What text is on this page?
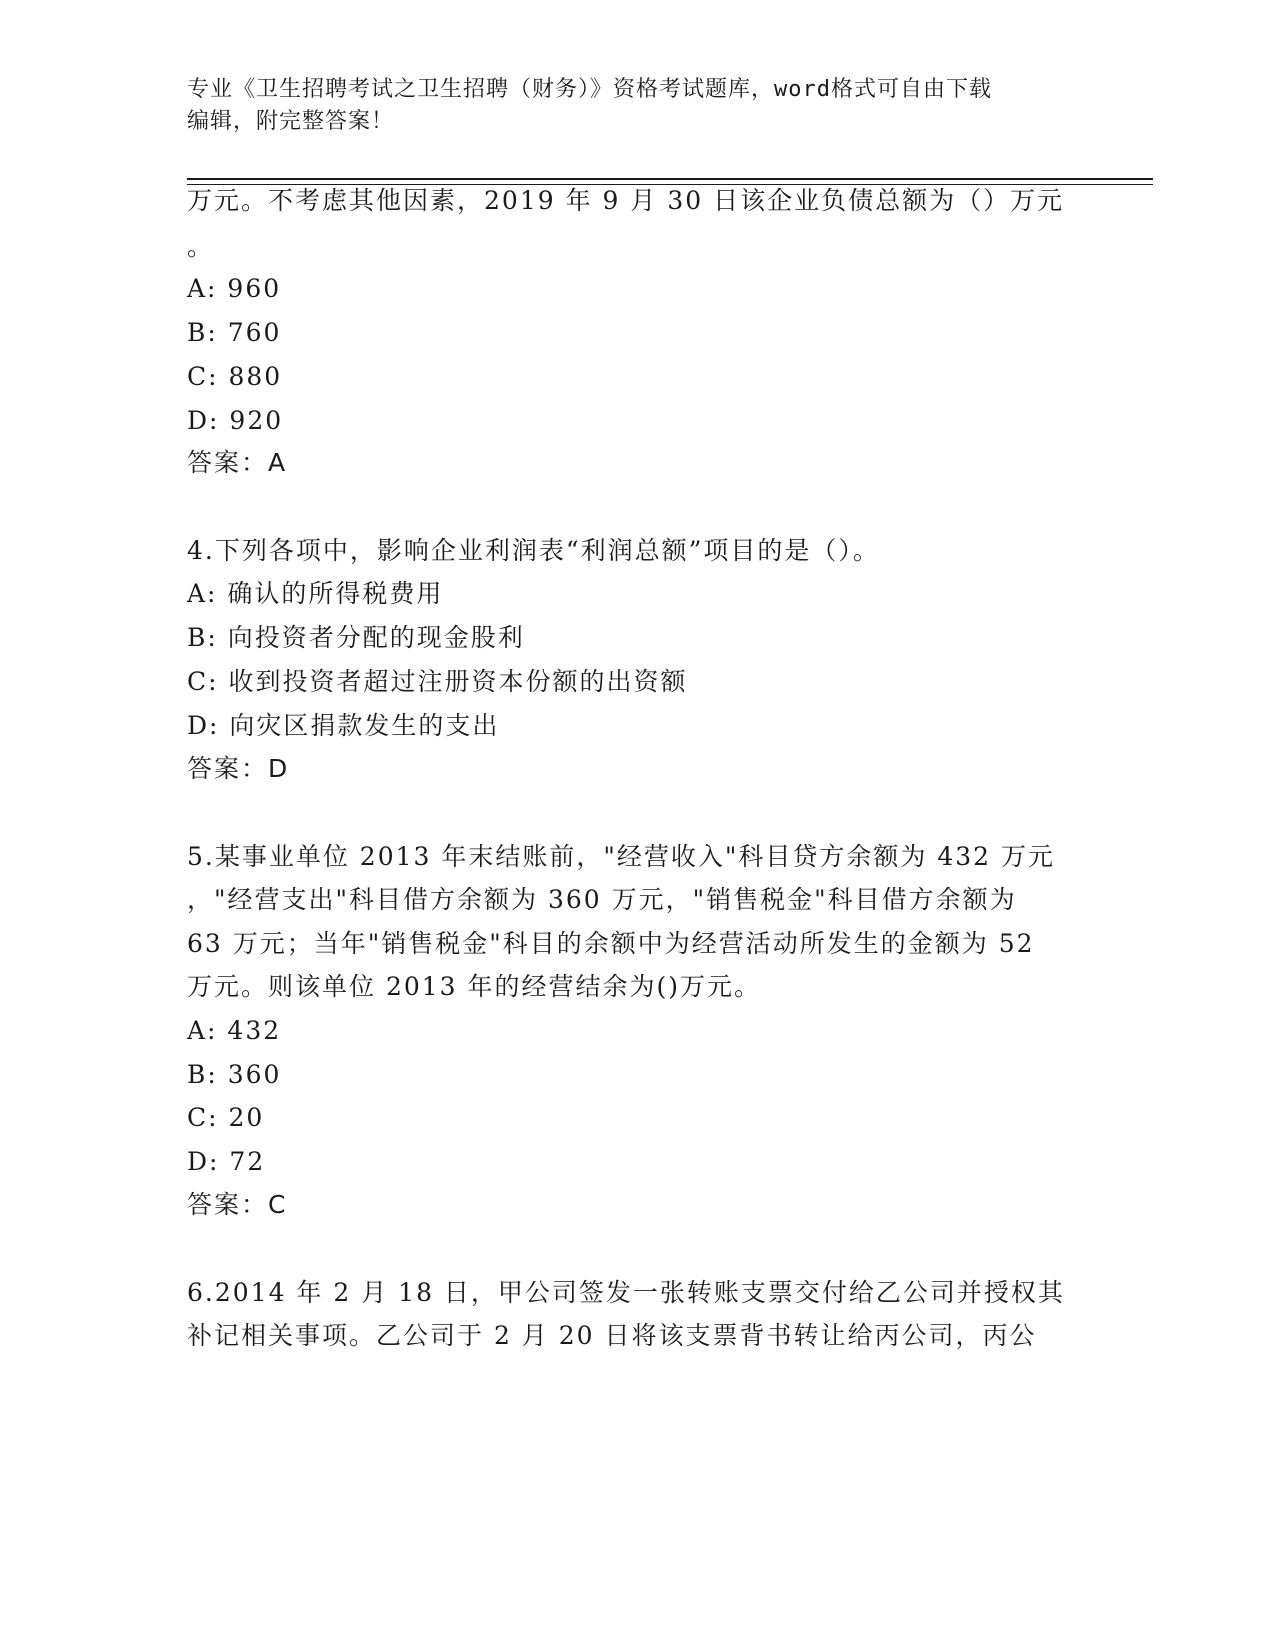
专业《卫生招聘考试之卫生招聘（财务）》资格考试题库，word格式可自由下载
编辑，附完整答案！
万元。不考虑其他因素，2019 年 9 月 30 日该企业负债总额为（）万元
。
A: 960
B: 760
C: 880
D: 920
答案：A
4.下列各项中，影响企业利润表“利润总额”项目的是（）。
A: 确认的所得税费用
B: 向投资者分配的现金股利
C: 收到投资者超过注册资本份额的出资额
D: 向灾区捐款发生的支出
答案：D
5.某事业单位 2013 年末结账前，"经营收入"科目贷方余额为 432 万元
，"经营支出"科目借方余额为 360 万元，"销售税金"科目借方余额为
63 万元；当年"销售税金"科目的余额中为经营活动所发生的金额为 52
万元。则该单位 2013 年的经营结余为()万元。
A: 432
B: 360
C: 20
D: 72
答案：C
6.2014 年 2 月 18 日，甲公司签发一张转账支票交付给乙公司并授权其
补记相关事项。乙公司于 2 月 20 日将该支票背书转让给丙公司，丙公
